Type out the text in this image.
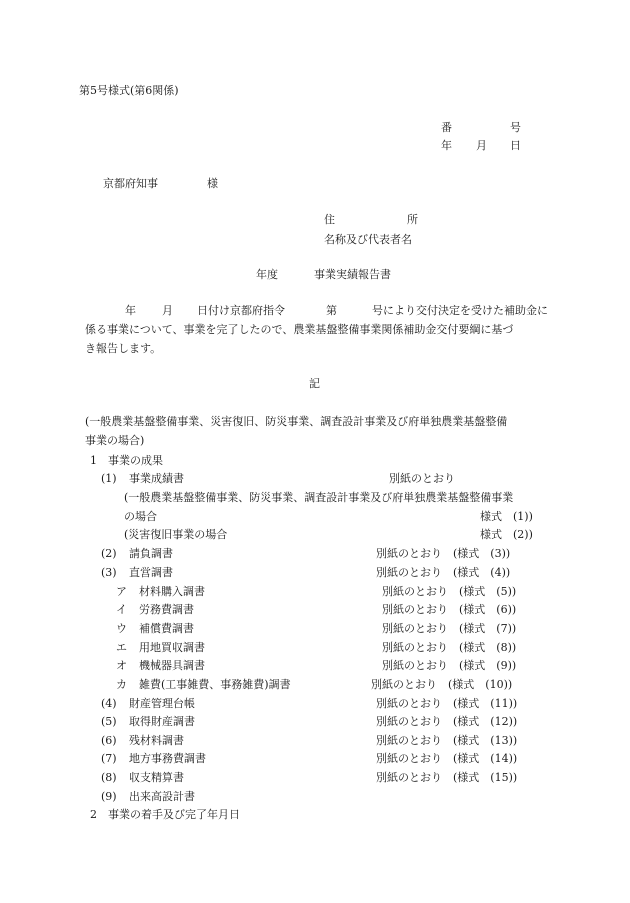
第5号様式(第6関係)
番	号
年 月 日
京都府知事	様
住	所
名称及び代表者名
年度	事業実績報告書
年 月 日付け京都府指令	第	号により交付決定を受けた補助金に
係る事業について、事業を完了したので、農業基盤整備事業関係補助金交付要綱に基づ
き報告します。
記
(一般農業基盤整備事業、災害復旧、防災事業、調査設計事業及び府単独農業基盤整備
事業の場合)
1　事業の成果
(1) 事業成績書	別紙のとおり
(一般農業基盤整備事業、防災事業、調査設計事業及び府単独農業基盤整備事業
の場合	様式　(1))
(災害復旧事業の場合	様式　(2))
(2) 請負調書	別紙のとおり (様式　(3))
(3) 直営調書	別紙のとおり (様式　(4))
ア 材料購入調書	別紙のとおり (様式　(5))
イ 労務費調書	別紙のとおり (様式　(6))
ウ 補償費調書	別紙のとおり (様式　(7))
エ 用地買収調書	別紙のとおり (様式　(8))
オ 機械器具調書	別紙のとおり (様式　(9))
カ 雑費(工事雑費、事務雑費)調書	別紙のとおり (様式　(10))
(4) 財産管理台帳	別紙のとおり (様式　(11))
(5) 取得財産調書	別紙のとおり (様式　(12))
(6) 残材料調書	別紙のとおり (様式　(13))
(7) 地方事務費調書	別紙のとおり (様式　(14))
(8) 収支精算書	別紙のとおり (様式　(15))
(9) 出来高設計書
2　事業の着手及び完了年月日
